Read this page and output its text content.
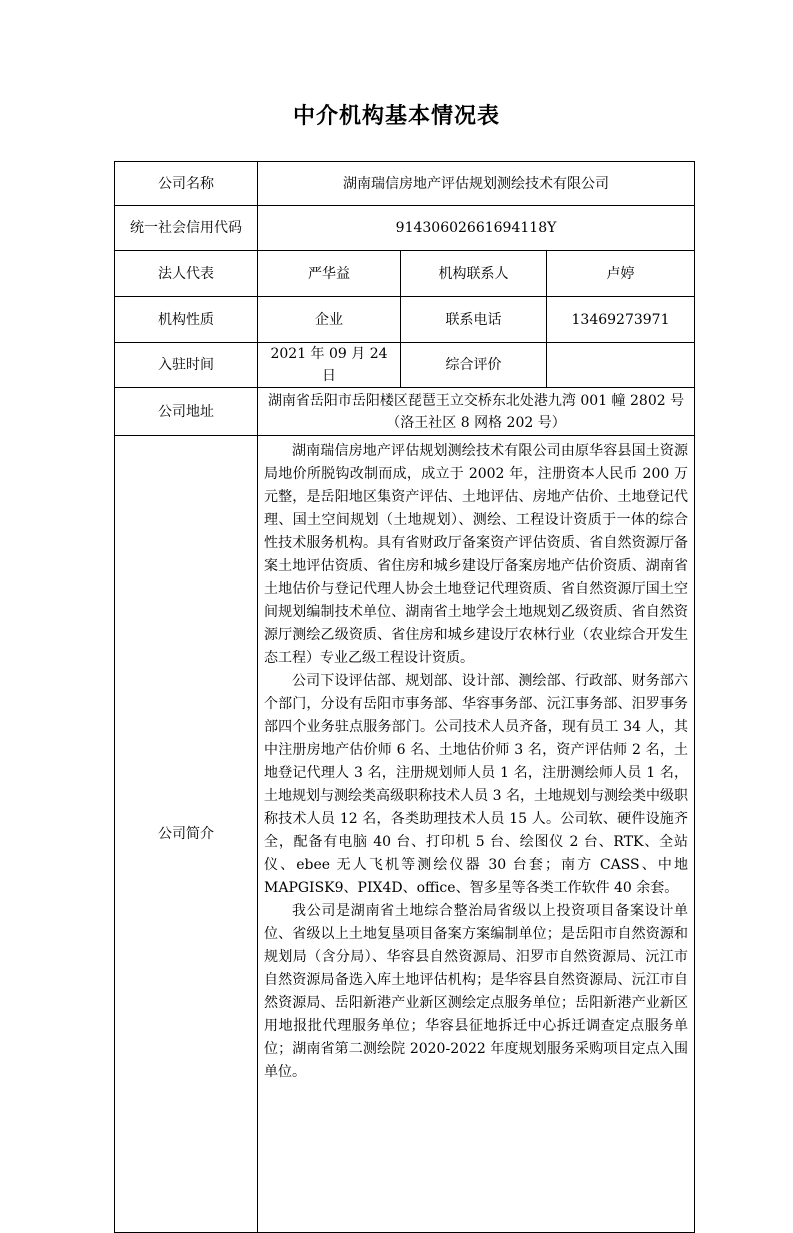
中介机构基本情况表
公司名称	湖南瑞信房地产评估规划测绘技术有限公司		
统一社会信用代码	91430602661694118Y		
法人代表	严华益	机构联系人	卢婷
机构性质	企业	联系电话	13469273971
入驻时间	2021 年 09 月 24 日	综合评价	
公司地址	湖南省岳阳市岳阳楼区琵琶王立交桥东北处港九湾 001 幢 2802 号（洛王社区 8 网格 202 号）		
公司简介	湖南瑞信房地产评估规划测绘技术有限公司由原华容县国土资源局地价所脱钩改制而成，成立于 2002 年，注册资本人民币 200 万元整，是岳阳地区集资产评估、土地评估、房地产估价、土地登记代理、国土空间规划（土地规划）、测绘、工程设计资质于一体的综合性技术服务机构。具有省财政厅备案资产评估资质、省自然资源厅备案土地评估资质、省住房和城乡建设厅备案房地产估价资质、湖南省土地估价与登记代理人协会土地登记代理资质、省自然资源厅国土空间规划编制技术单位、湖南省土地学会土地规划乙级资质、省自然资源厅测绘乙级资质、省住房和城乡建设厅农林行业（农业综合开发生态工程）专业乙级工程设计资质。

公司下设评估部、规划部、设计部、测绘部、行政部、财务部六个部门，分设有岳阳市事务部、华容事务部、沅江事务部、汨罗事务部四个业务驻点服务部门。公司技术人员齐备，现有员工 34 人，其中注册房地产估价师 6 名、土地估价师 3 名，资产评估师 2 名，土地登记代理人 3 名，注册规划师人员 1 名，注册测绘师人员 1 名，土地规划与测绘类高级职称技术人员 3 名，土地规划与测绘类中级职称技术人员 12 名，各类助理技术人员 15 人。公司软、硬件设施齐全，配备有电脑 40 台、打印机 5 台、绘图仪 2 台、RTK、全站仪、ebee 无人飞机等测绘仪器 30 台套；南方 CASS、中地 MAPGISK9、PIX4D、office、智多星等各类工作软件 40 余套。

我公司是湖南省土地综合整治局省级以上投资项目备案设计单位、省级以上土地复垦项目备案方案编制单位；是岳阳市自然资源和规划局（含分局）、华容县自然资源局、汨罗市自然资源局、沅江市自然资源局备选入库土地评估机构；是华容县自然资源局、沅江市自然资源局、岳阳新港产业新区测绘定点服务单位；岳阳新港产业新区用地报批代理服务单位；华容县征地拆迁中心拆迁调查定点服务单位；湖南省第二测绘院 2020-2022 年度规划服务采购项目定点入围单位。		
